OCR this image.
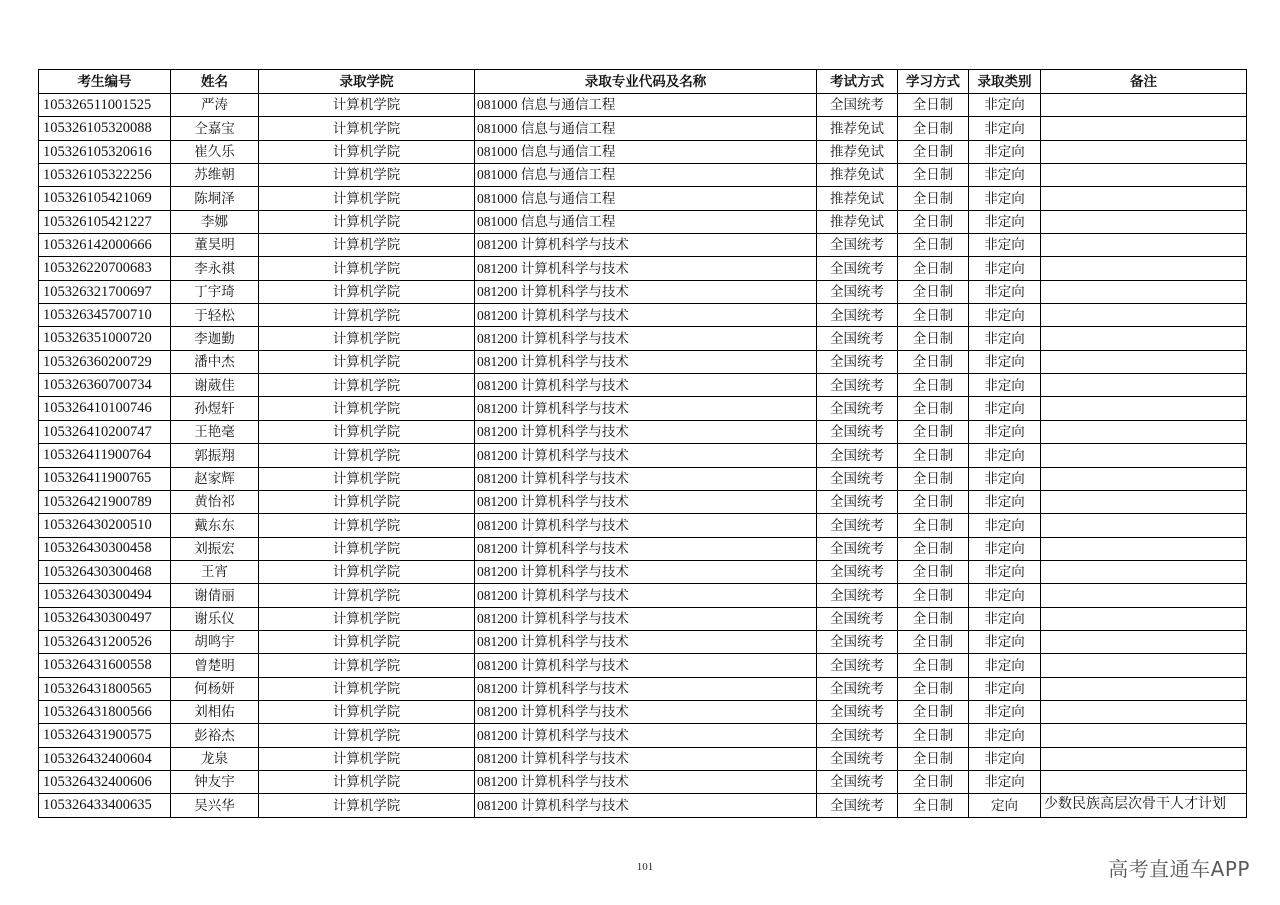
考生编号	姓名	录取学院	录取专业代码及名称	考试方式	学习方式	录取类别	备注
105326511001525	严涛	计算机学院	081000 信息与通信工程	全国统考	全日制	非定向	
105326105320088	仝嘉宝	计算机学院	081000 信息与通信工程	推荐免试	全日制	非定向	
105326105320616	崔久乐	计算机学院	081000 信息与通信工程	推荐免试	全日制	非定向	
105326105322256	苏维朝	计算机学院	081000 信息与通信工程	推荐免试	全日制	非定向	
105326105421069	陈垌泽	计算机学院	081000 信息与通信工程	推荐免试	全日制	非定向	
105326105421227	李娜	计算机学院	081000 信息与通信工程	推荐免试	全日制	非定向	
105326142000666	董昊明	计算机学院	081200 计算机科学与技术	全国统考	全日制	非定向	
105326220700683	李永祺	计算机学院	081200 计算机科学与技术	全国统考	全日制	非定向	
105326321700697	丁宇琦	计算机学院	081200 计算机科学与技术	全国统考	全日制	非定向	
105326345700710	于轻松	计算机学院	081200 计算机科学与技术	全国统考	全日制	非定向	
105326351000720	李迦勤	计算机学院	081200 计算机科学与技术	全国统考	全日制	非定向	
105326360200729	潘中杰	计算机学院	081200 计算机科学与技术	全国统考	全日制	非定向	
105326360700734	谢葳佳	计算机学院	081200 计算机科学与技术	全国统考	全日制	非定向	
105326410100746	孙煜轩	计算机学院	081200 计算机科学与技术	全国统考	全日制	非定向	
105326410200747	王艳毫	计算机学院	081200 计算机科学与技术	全国统考	全日制	非定向	
105326411900764	郭振翔	计算机学院	081200 计算机科学与技术	全国统考	全日制	非定向	
105326411900765	赵家辉	计算机学院	081200 计算机科学与技术	全国统考	全日制	非定向	
105326421900789	黄怡祁	计算机学院	081200 计算机科学与技术	全国统考	全日制	非定向	
105326430200510	戴东东	计算机学院	081200 计算机科学与技术	全国统考	全日制	非定向	
105326430300458	刘振宏	计算机学院	081200 计算机科学与技术	全国统考	全日制	非定向	
105326430300468	王宵	计算机学院	081200 计算机科学与技术	全国统考	全日制	非定向	
105326430300494	谢倩丽	计算机学院	081200 计算机科学与技术	全国统考	全日制	非定向	
105326430300497	谢乐仪	计算机学院	081200 计算机科学与技术	全国统考	全日制	非定向	
105326431200526	胡鸣宇	计算机学院	081200 计算机科学与技术	全国统考	全日制	非定向	
105326431600558	曾楚明	计算机学院	081200 计算机科学与技术	全国统考	全日制	非定向	
105326431800565	何杨妍	计算机学院	081200 计算机科学与技术	全国统考	全日制	非定向	
105326431800566	刘相佑	计算机学院	081200 计算机科学与技术	全国统考	全日制	非定向	
105326431900575	彭裕杰	计算机学院	081200 计算机科学与技术	全国统考	全日制	非定向	
105326432400604	龙泉	计算机学院	081200 计算机科学与技术	全国统考	全日制	非定向	
105326432400606	钟友宇	计算机学院	081200 计算机科学与技术	全国统考	全日制	非定向	
105326433400635	吴兴华	计算机学院	081200 计算机科学与技术	全国统考	全日制	定向	少数民族高层次骨干人才计划
101	高考直通车APP
